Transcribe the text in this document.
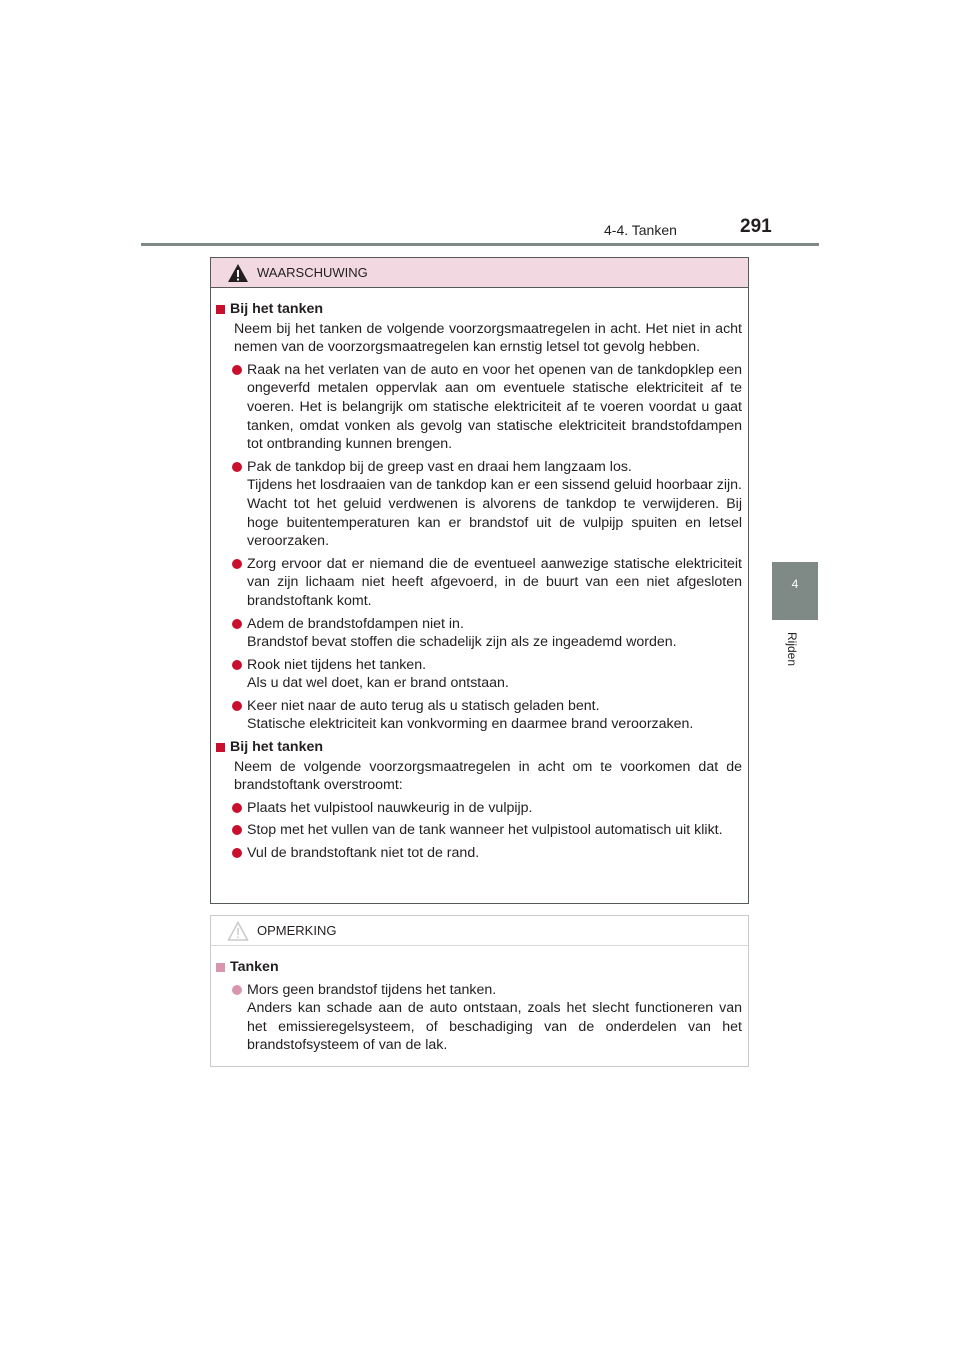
4-4. Tanken	291
4
Rijden
WAARSCHUWING
Bij het tanken
Neem bij het tanken de volgende voorzorgsmaatregelen in acht. Het niet in acht nemen van de voorzorgsmaatregelen kan ernstig letsel tot gevolg hebben.
Raak na het verlaten van de auto en voor het openen van de tankdopklep een ongeverfd metalen oppervlak aan om eventuele statische elektriciteit af te voeren. Het is belangrijk om statische elektriciteit af te voeren voordat u gaat tanken, omdat vonken als gevolg van statische elektriciteit brandstofdampen tot ontbranding kunnen brengen.
Pak de tankdop bij de greep vast en draai hem langzaam los.
Tijdens het losdraaien van de tankdop kan er een sissend geluid hoorbaar zijn. Wacht tot het geluid verdwenen is alvorens de tankdop te verwijderen. Bij hoge buitentemperaturen kan er brandstof uit de vulpijp spuiten en letsel veroorzaken.
Zorg ervoor dat er niemand die de eventueel aanwezige statische elektriciteit van zijn lichaam niet heeft afgevoerd, in de buurt van een niet afgesloten brandstoftank komt.
Adem de brandstofdampen niet in.
Brandstof bevat stoffen die schadelijk zijn als ze ingeademd worden.
Rook niet tijdens het tanken.
Als u dat wel doet, kan er brand ontstaan.
Keer niet naar de auto terug als u statisch geladen bent.
Statische elektriciteit kan vonkvorming en daarmee brand veroorzaken.
Bij het tanken
Neem de volgende voorzorgsmaatregelen in acht om te voorkomen dat de brandstoftank overstroomt:
Plaats het vulpistool nauwkeurig in de vulpijp.
Stop met het vullen van de tank wanneer het vulpistool automatisch uit klikt.
Vul de brandstoftank niet tot de rand.
OPMERKING
Tanken
Mors geen brandstof tijdens het tanken.
Anders kan schade aan de auto ontstaan, zoals het slecht functioneren van het emissieregelsysteem, of beschadiging van de onderdelen van het brandstofsysteem of van de lak.
